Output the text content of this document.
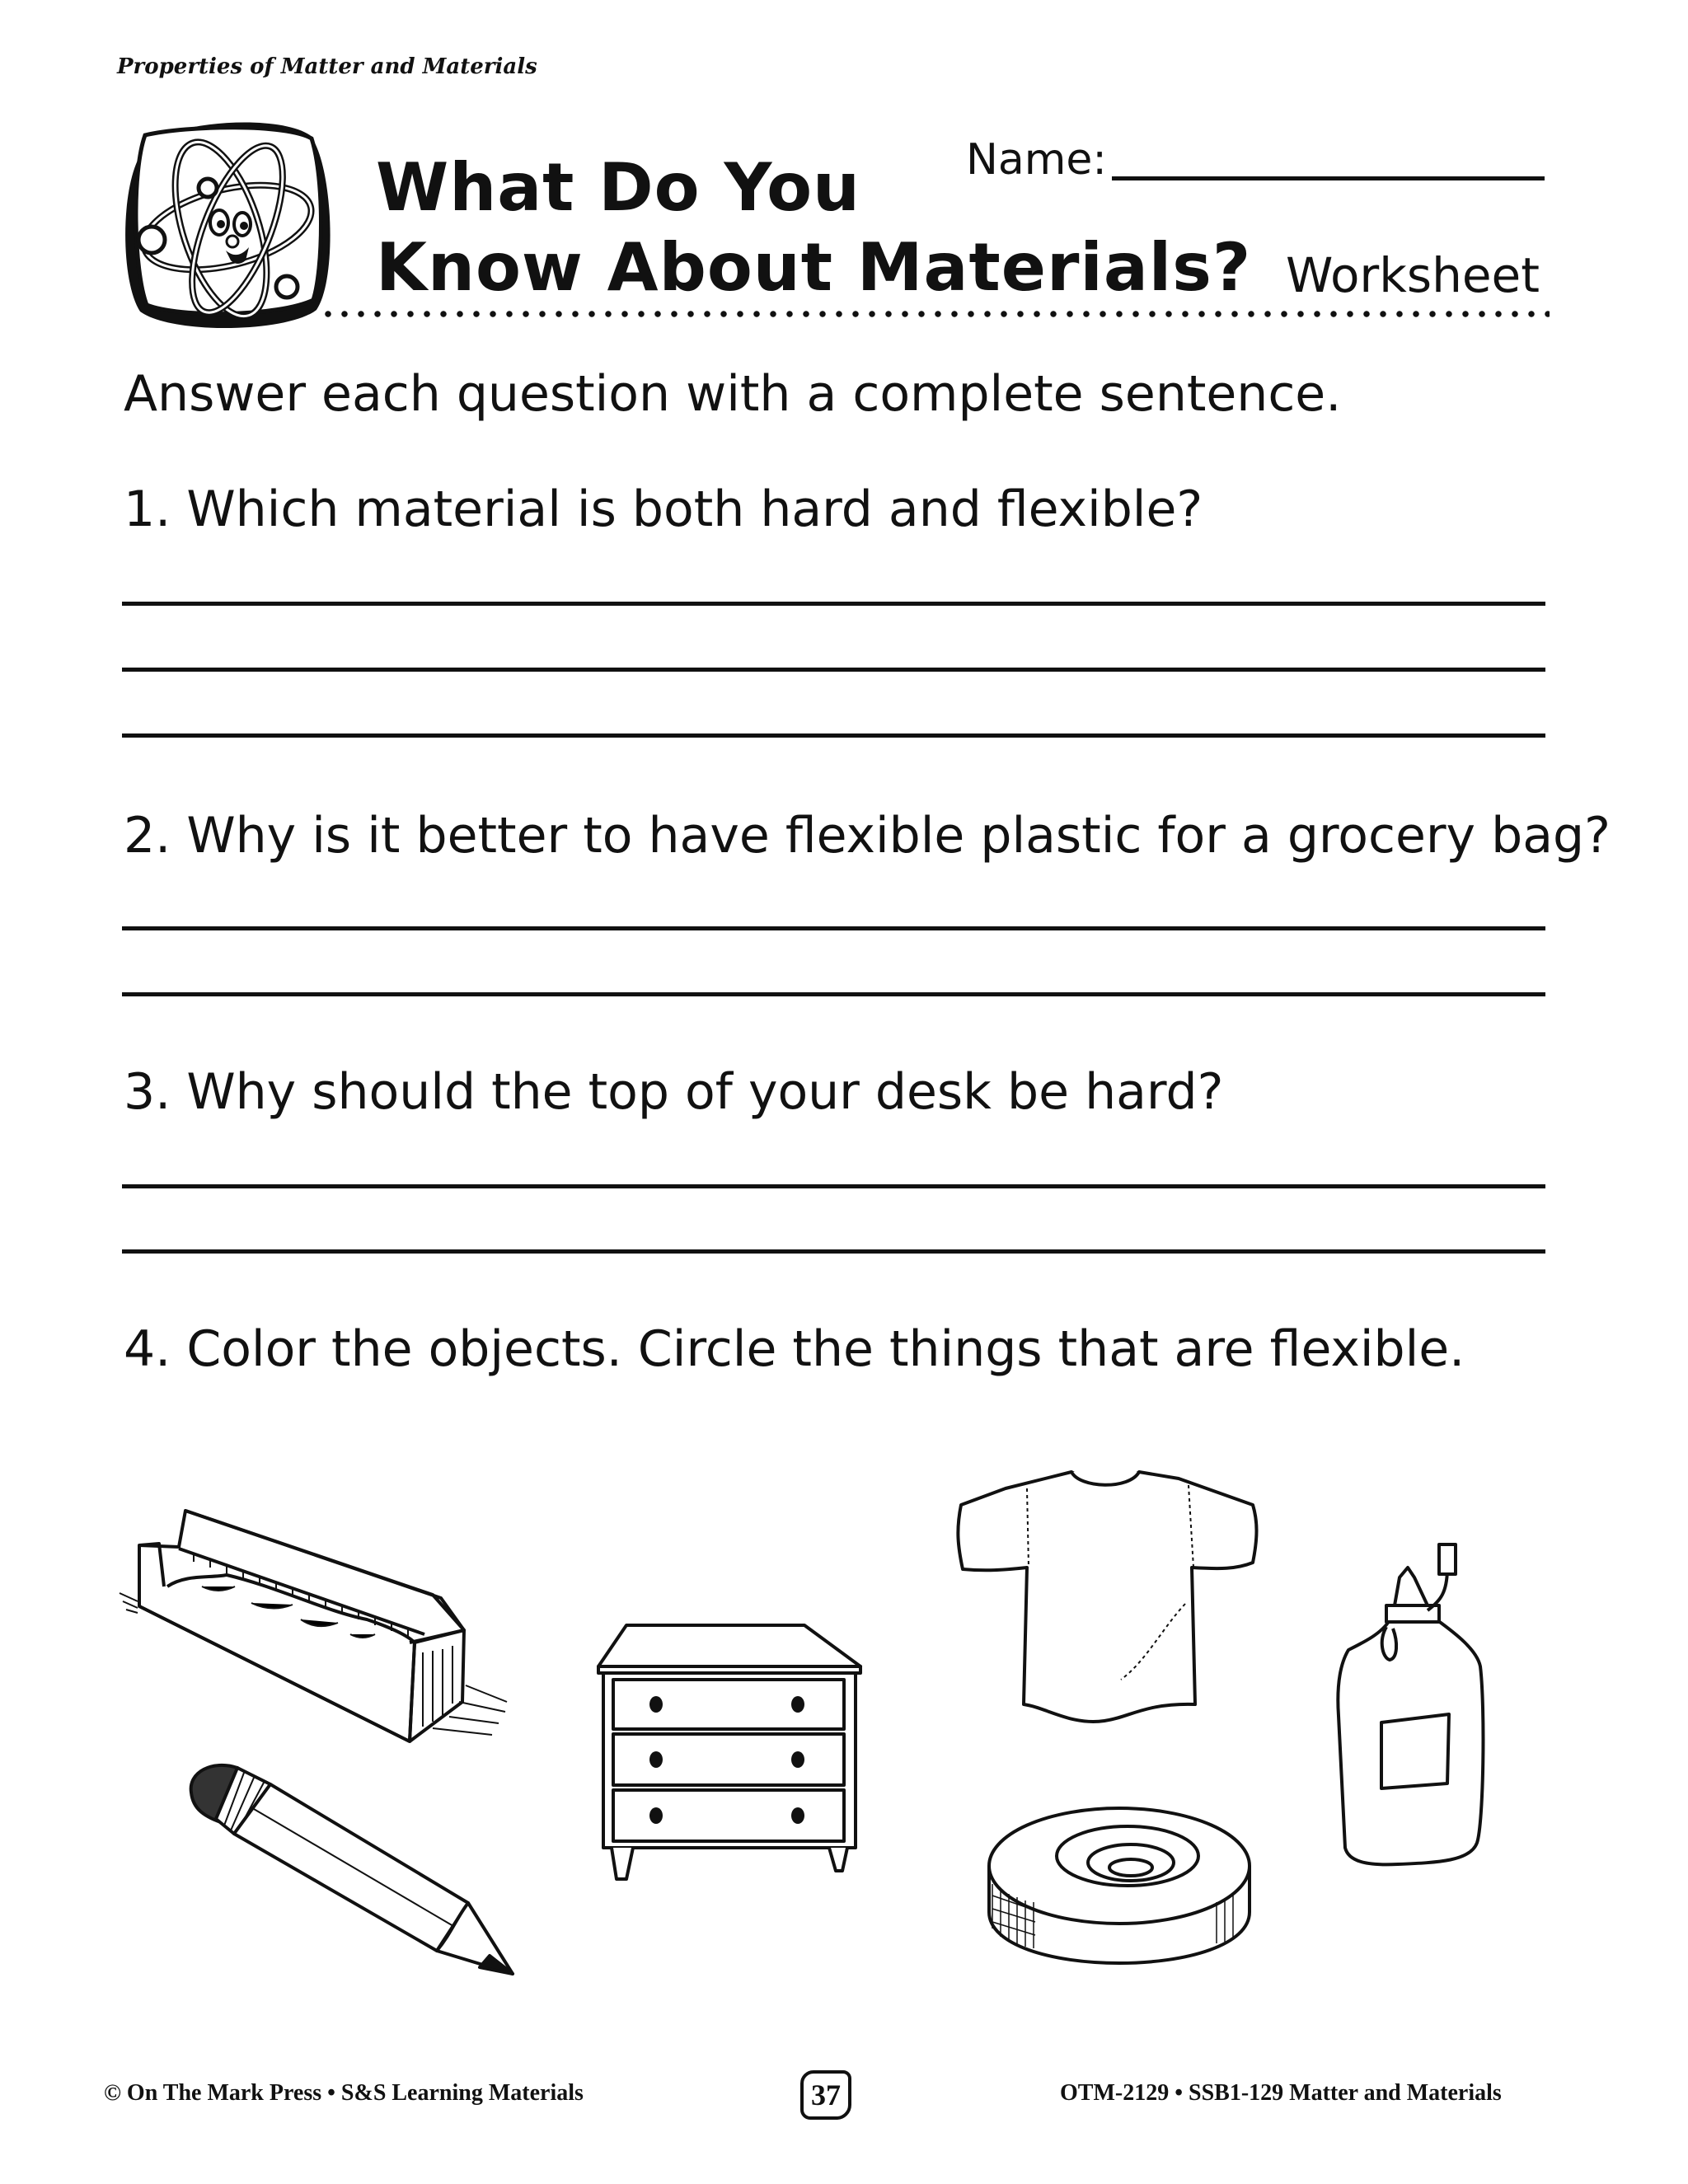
Properties of Matter and Materials
What Do You
Know About Materials?
Name:
Worksheet
Answer each question with a complete sentence.
1. Which material is both hard and flexible?
2. Why is it better to have flexible plastic for a grocery bag?
3. Why should the top of your desk be hard?
4. Color the objects. Circle the things that are flexible.
© On The Mark Press • S&S Learning Materials	37	OTM-2129 • SSB1-129 Matter and Materials
